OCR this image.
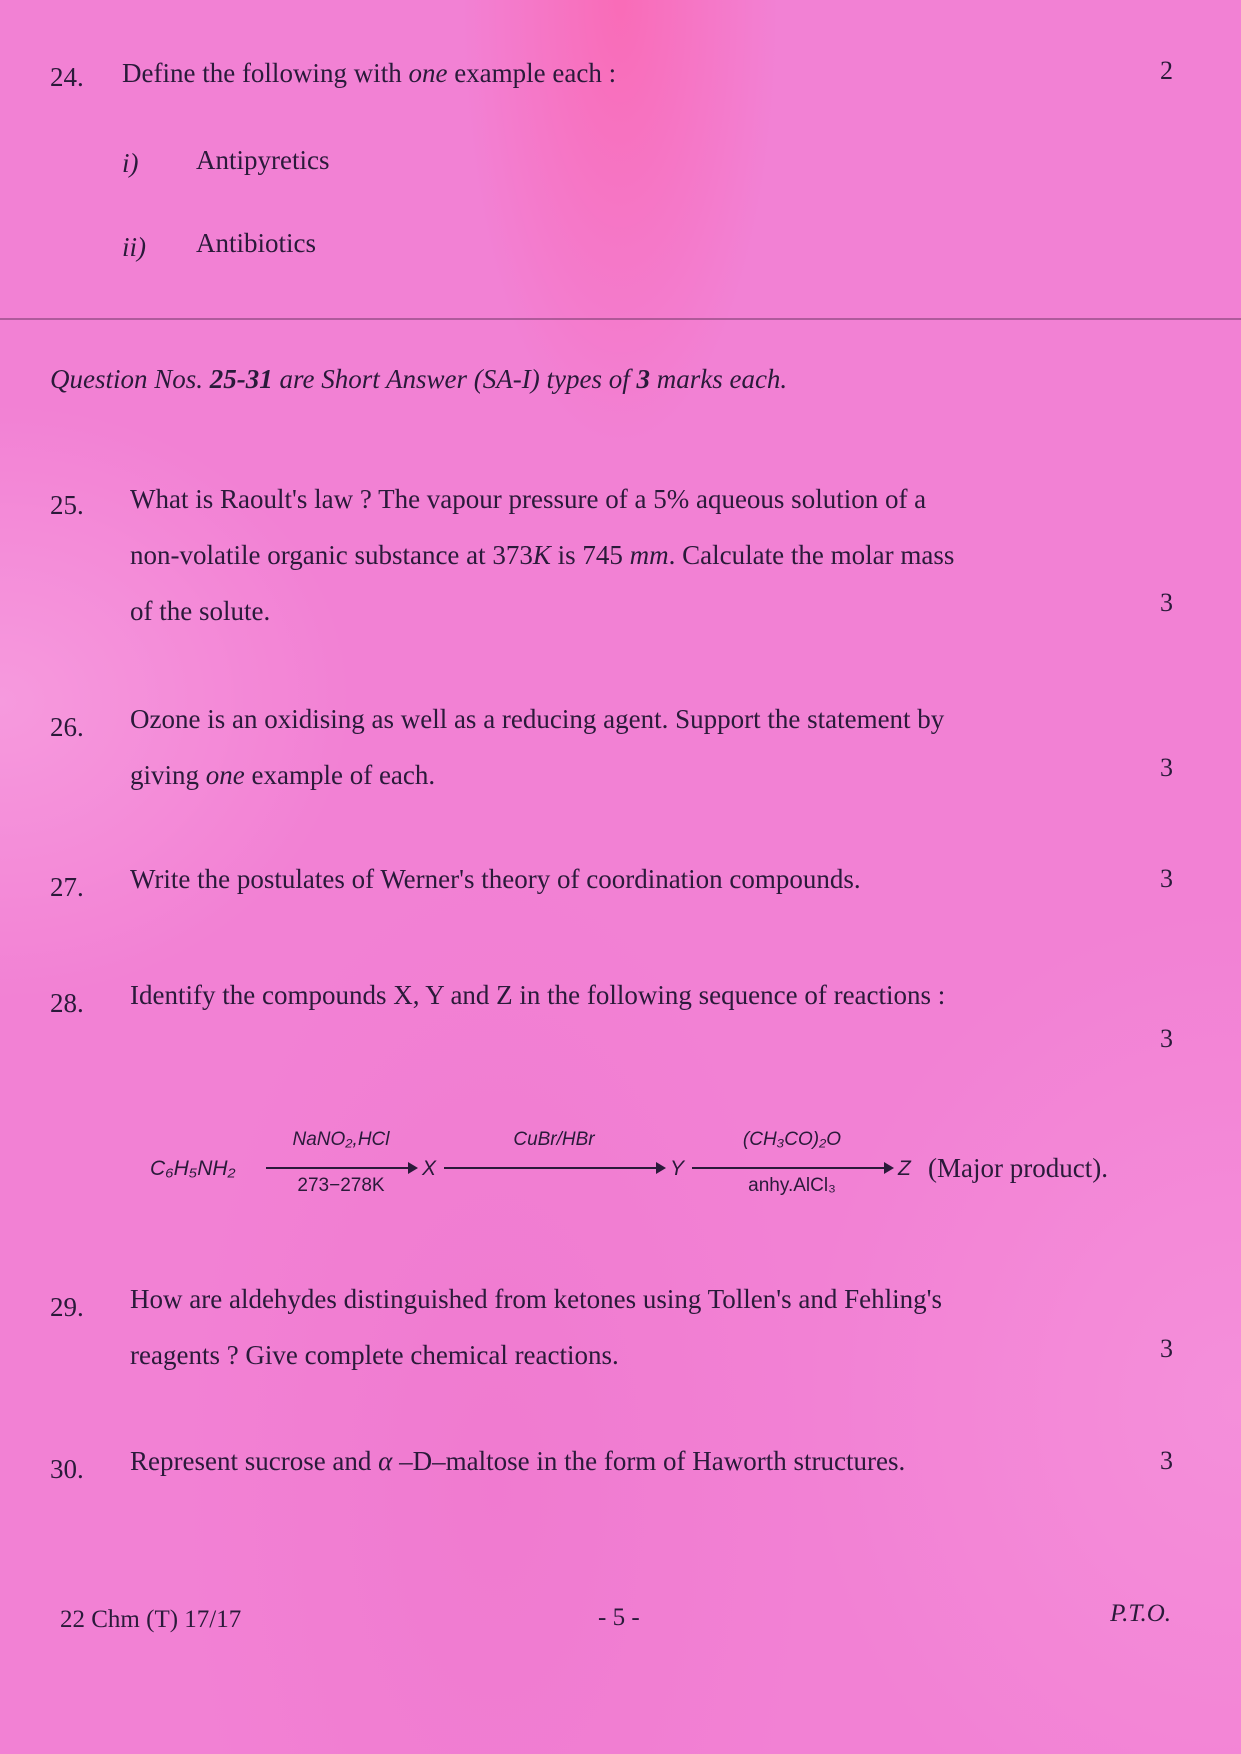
24. Define the following with one example each :	2
i) Antipyretics
ii) Antibiotics
Question Nos. 25-31 are Short Answer (SA-I) types of 3 marks each.
25. What is Raoult's law ? The vapour pressure of a 5% aqueous solution of a
non-volatile organic substance at 373K is 745 mm. Calculate the molar mass
of the solute.	3
26. Ozone is an oxidising as well as a reducing agent. Support the statement by
giving one example of each.	3
27. Write the postulates of Werner's theory of coordination compounds.	3
28. Identify the compounds X, Y and Z in the following sequence of reactions :
3
C₆H₅NH₂
NaNO₂,HCl
273−278K
X
CuBr/HBr
Y
(CH₃CO)₂O
anhy.AlCl₃
Z (Major product).
29. How are aldehydes distinguished from ketones using Tollen's and Fehling's
reagents ? Give complete chemical reactions.	3
30. Represent sucrose and α –D–maltose in the form of Haworth structures.	3
22 Chm (T) 17/17	- 5 -	P.T.O.
